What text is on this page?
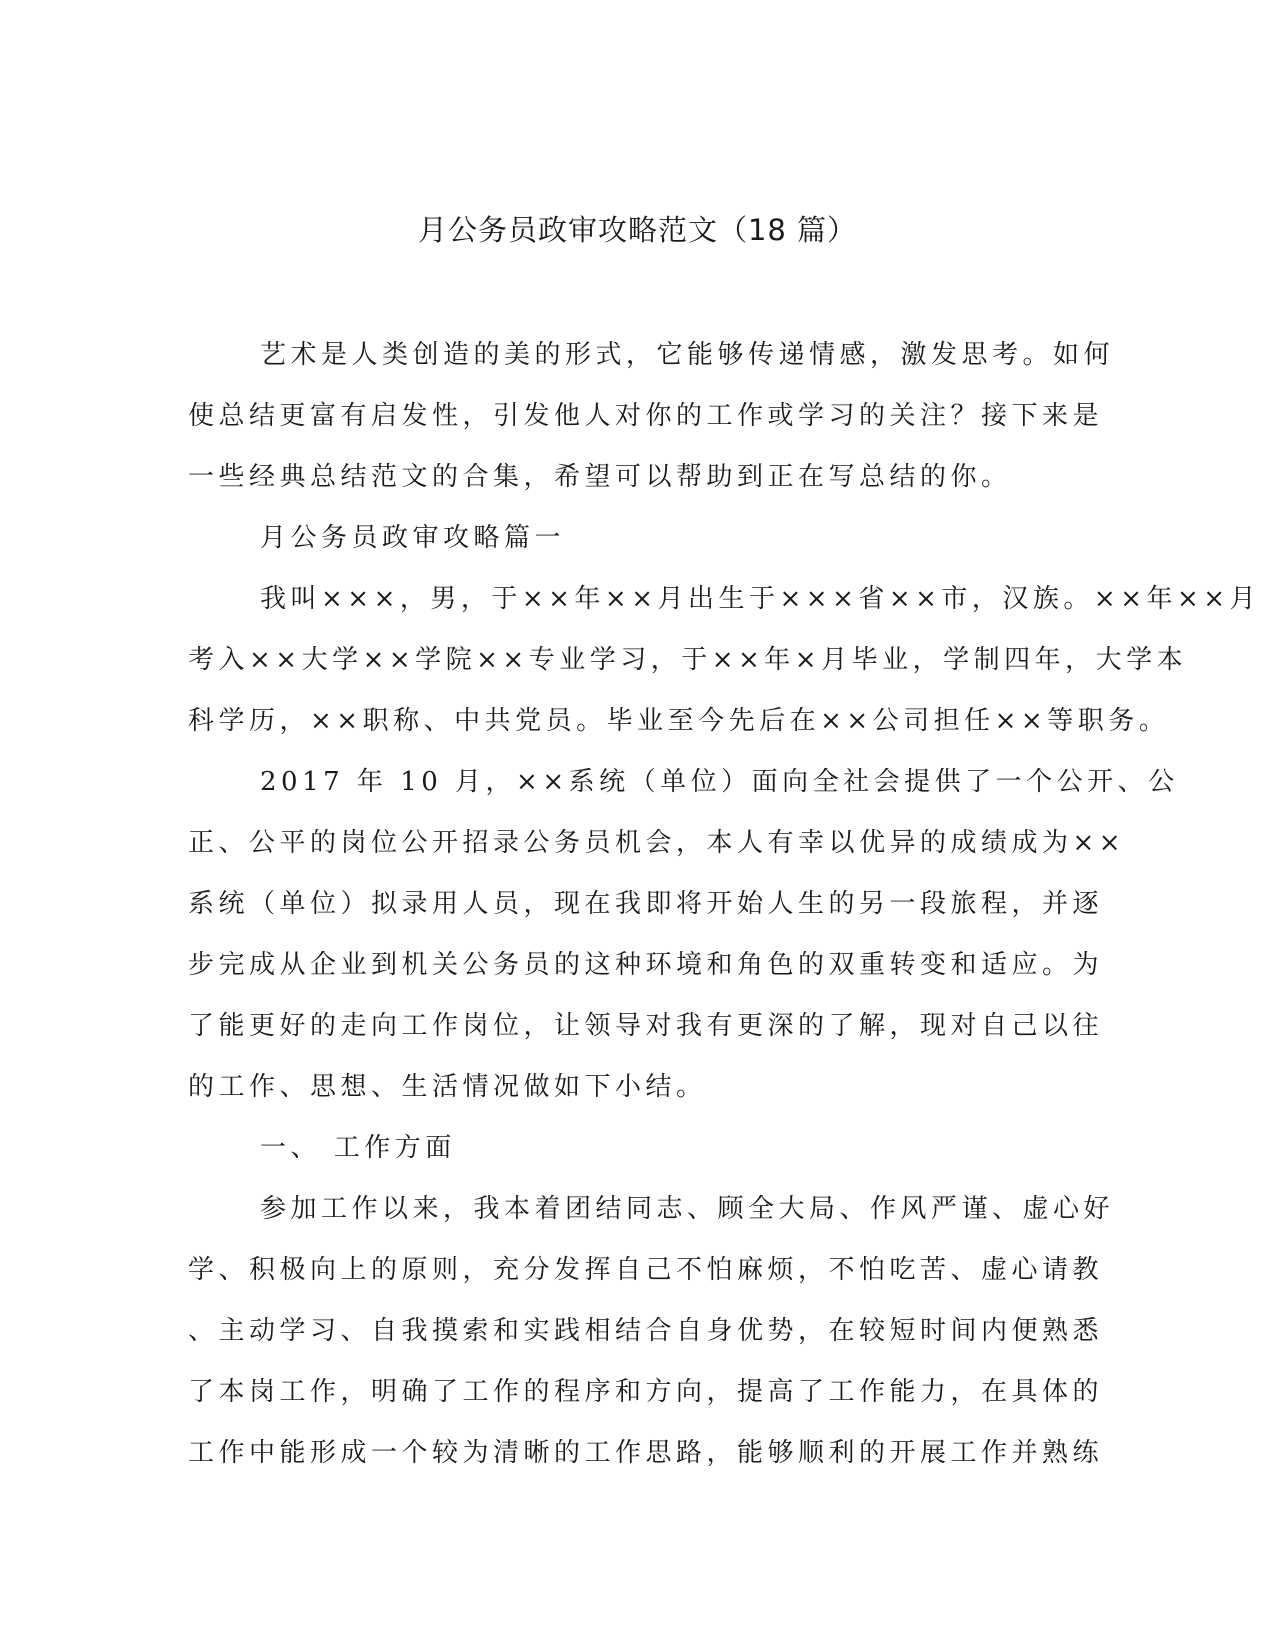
月公务员政审攻略范文（18 篇）
艺术是人类创造的美的形式，它能够传递情感，激发思考。如何
使总结更富有启发性，引发他人对你的工作或学习的关注？接下来是
一些经典总结范文的合集，希望可以帮助到正在写总结的你。
月公务员政审攻略篇一
我叫×××，男，于××年××月出生于×××省××市，汉族。××年××月
考入××大学××学院××专业学习，于××年×月毕业，学制四年，大学本
科学历，××职称、中共党员。毕业至今先后在××公司担任××等职务。
2017 年 10 月，××系统（单位）面向全社会提供了一个公开、公
正、公平的岗位公开招录公务员机会，本人有幸以优异的成绩成为××
系统（单位）拟录用人员，现在我即将开始人生的另一段旅程，并逐
步完成从企业到机关公务员的这种环境和角色的双重转变和适应。为
了能更好的走向工作岗位，让领导对我有更深的了解，现对自己以往
的工作、思想、生活情况做如下小结。
一、 工作方面
参加工作以来，我本着团结同志、顾全大局、作风严谨、虚心好
学、积极向上的原则，充分发挥自己不怕麻烦，不怕吃苦、虚心请教
、主动学习、自我摸索和实践相结合自身优势，在较短时间内便熟悉
了本岗工作，明确了工作的程序和方向，提高了工作能力，在具体的
工作中能形成一个较为清晰的工作思路，能够顺利的开展工作并熟练
